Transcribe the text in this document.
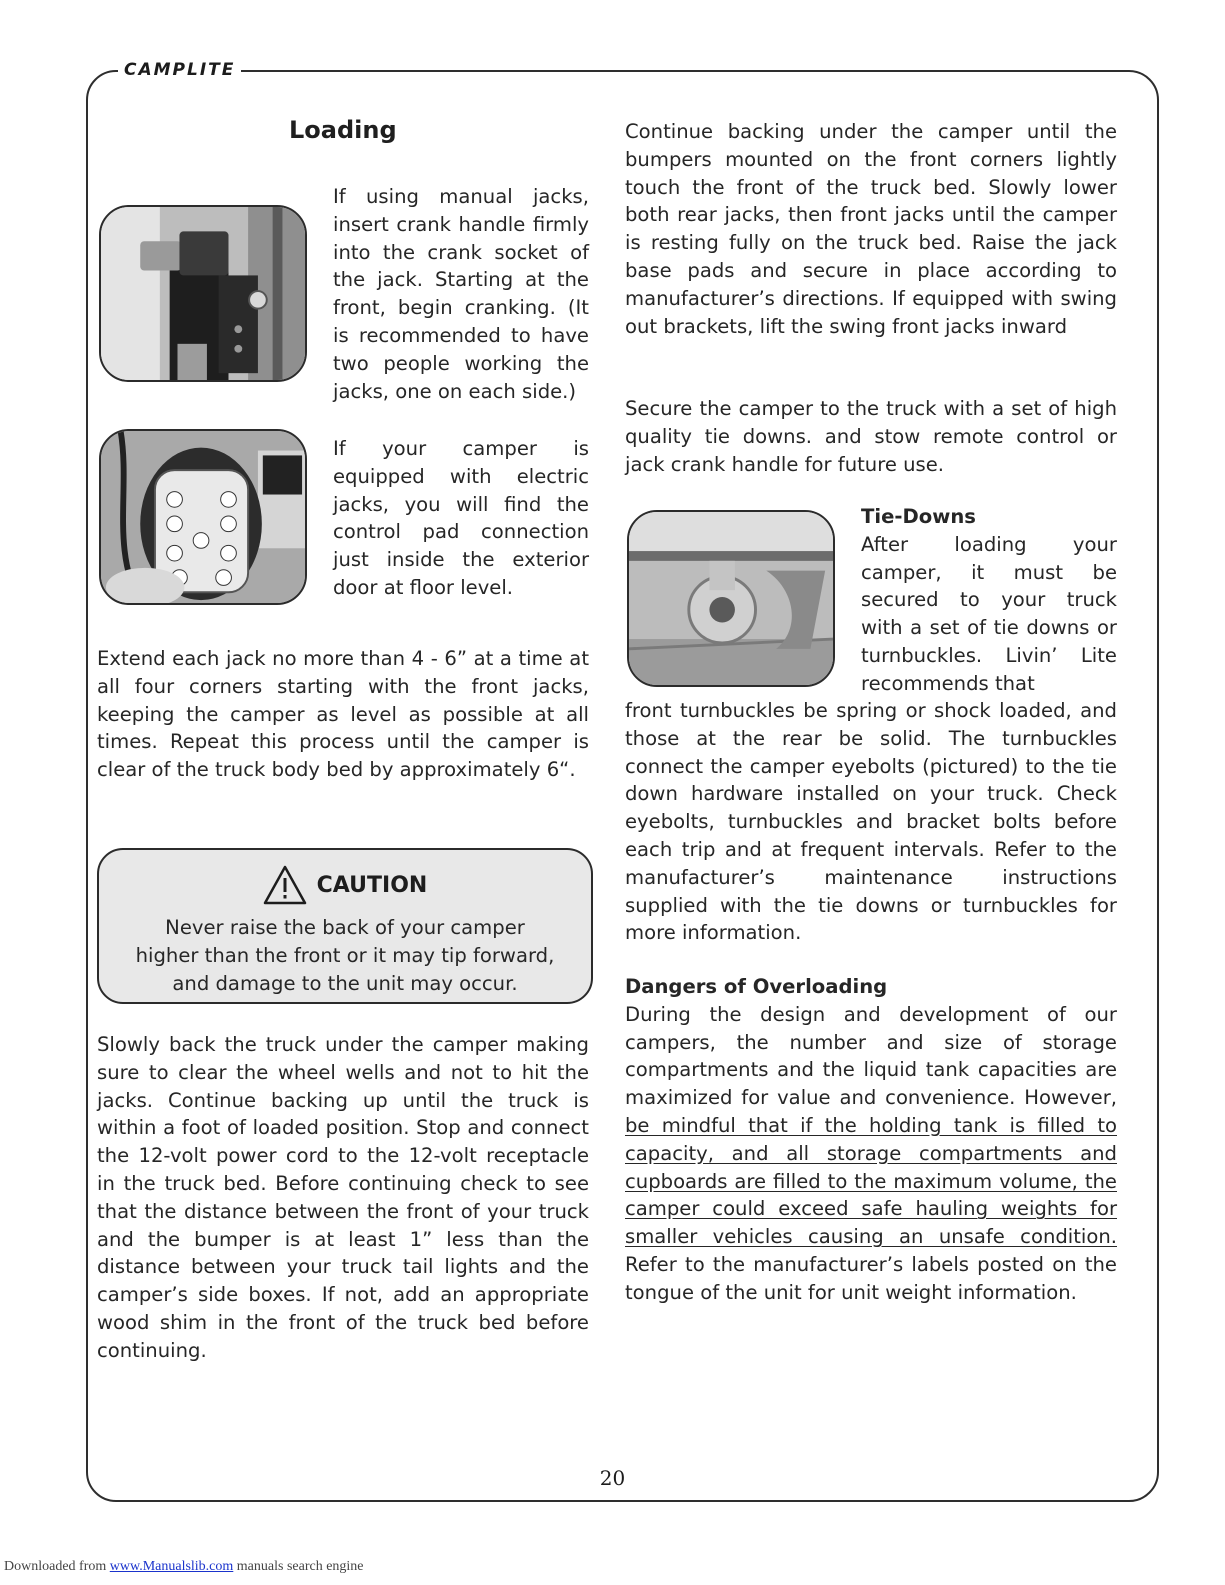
CAMPLITE
Loading

If using manual jacks, insert crank handle firmly into the crank socket of the jack. Starting at the front, begin cranking. (It is recommended to have two people working the jacks, one on each side.)

If your camper is equipped with electric jacks, you will find the control pad connection just inside the exterior door at floor level.

Extend each jack no more than 4 - 6” at a time at all four corners starting with the front jacks, keeping the camper as level as possible at all times. Repeat this process until the camper is clear of the truck body bed by approximately 6“.

CAUTION
Never raise the back of your camper
higher than the front or it may tip forward,
and damage to the unit may occur.

Slowly back the truck under the camper making sure to clear the wheel wells and not to hit the jacks. Continue backing up until the truck is within a foot of loaded position. Stop and connect the 12-volt power cord to the 12-volt receptacle in the truck bed. Before continuing check to see that the distance between the front of your truck and the bumper is at least 1” less than the distance between your truck tail lights and the camper’s side boxes. If not, add an appropriate wood shim in the front of the truck bed before continuing.

Continue backing under the camper until the bumpers mounted on the front corners lightly touch the front of the truck bed. Slowly lower both rear jacks, then front jacks until the camper is resting fully on the truck bed. Raise the jack base pads and secure in place according to manufacturer’s directions. If equipped with swing out brackets, lift the swing front jacks inward

Secure the camper to the truck with a set of high quality tie downs. and stow remote control or jack crank handle for future use.

Tie-Downs

After loading your camper, it must be secured to your truck with a set of tie downs or turnbuckles. Livin’ Lite recommends that

front turnbuckles be spring or shock loaded, and those at the rear be solid. The turnbuckles connect the camper eyebolts (pictured) to the tie down hardware installed on your truck. Check eyebolts, turnbuckles and bracket bolts before each trip and at frequent intervals. Refer to the manufacturer’s maintenance instructions supplied with the tie downs or turnbuckles for more information.

Dangers of Overloading

During the design and development of our campers, the number and size of storage compartments and the liquid tank capacities are maximized for value and convenience. However, be mindful that if the holding tank is filled to capacity, and all storage compartments and cupboards are filled to the maximum volume, the camper could exceed safe hauling weights for smaller vehicles causing an unsafe condition. Refer to the manufacturer’s labels posted on the tongue of the unit for unit weight information.

20
Downloaded from www.Manualslib.com manuals search engine
